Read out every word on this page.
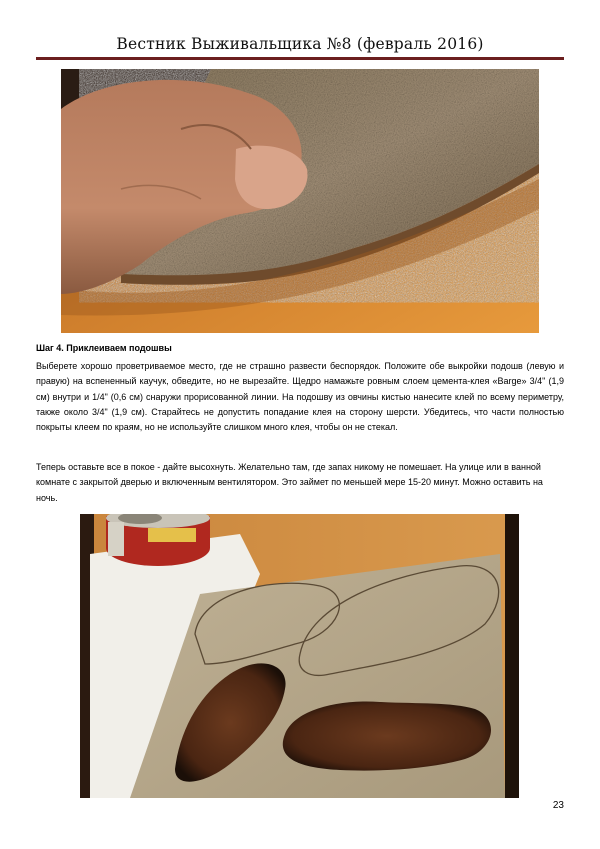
Вестник Выживальщика №8 (февраль 2016)
Шаг 4. Приклеиваем подошвы
Выберете хорошо проветриваемое место, где не страшно развести беспорядок. Положите обе выкройки подошв (левую и правую) на вспененный каучук, обведите, но не вырезайте. Щедро намажьте ровным слоем цемента-клея «Barge» 3/4" (1,9 см) внутри и 1/4" (0,6 см) снаружи прорисованной линии. На подошву из овчины кистью нанесите клей по всему периметру, также около 3/4" (1,9 см). Старайтесь не допустить попадание клея на сторону шерсти. Убедитесь, что части полностью покрыты клеем по краям, но не используйте слишком много клея, чтобы он не стекал.
Теперь оставьте все в покое - дайте высохнуть. Желательно там, где запах никому не помешает. На улице или в ванной комнате с закрытой дверью и включенным вентилятором. Это займет по меньшей мере 15-20 минут. Можно оставить на ночь.
23
